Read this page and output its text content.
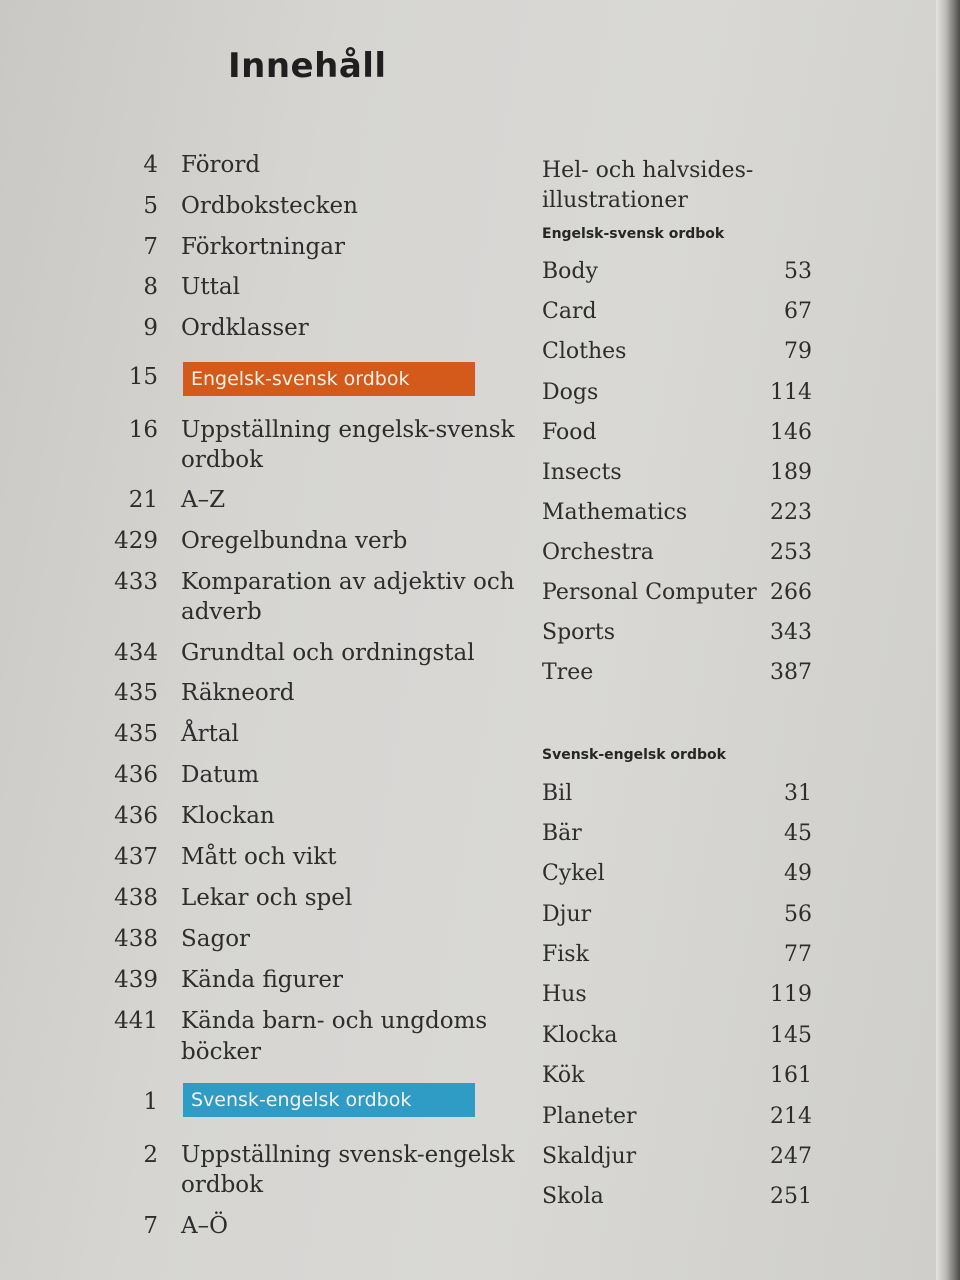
Innehåll
4 Förord
5 Ordbokstecken
7 Förkortningar
8 Uttal
9 Ordklasser
15	Engelsk-svensk ordbok
16 Uppställning engelsk-svensk
ordbok
21 A–Z
429 Oregelbundna verb
433 Komparation av adjektiv och
adverb
434 Grundtal och ordningstal
435 Räkneord
435 Årtal
436 Datum
436 Klockan
437 Mått och vikt
438 Lekar och spel
438 Sagor
439 Kända figurer
441 Kända barn- och ungdoms
böcker
1	Svensk-engelsk ordbok
2 Uppställning svensk-engelsk
ordbok
7 A–Ö
Hel- och halvsides-
illustrationer
Engelsk-svensk ordbok
Body	53
Card	67
Clothes	79
Dogs	114
Food	146
Insects	189
Mathematics	223
Orchestra	253
Personal Computer 266
Sports	343
Tree	387
Svensk-engelsk ordbok
Bil	31
Bär	45
Cykel	49
Djur	56
Fisk	77
Hus	119
Klocka	145
Kök	161
Planeter	214
Skaldjur	247
Skola	251
